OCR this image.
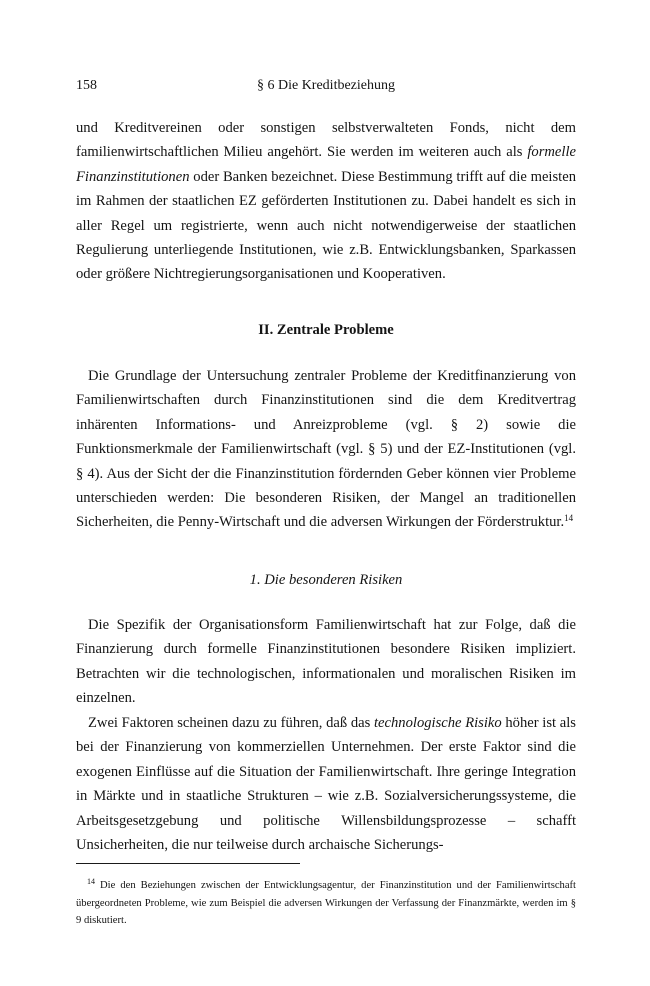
158	§ 6 Die Kreditbeziehung

und Kreditvereinen oder sonstigen selbstverwalteten Fonds, nicht dem familienwirtschaftlichen Milieu angehört. Sie werden im weiteren auch als formelle Finanzinstitutionen oder Banken bezeichnet. Diese Bestimmung trifft auf die meisten im Rahmen der staatlichen EZ geförderten Institutionen zu. Dabei handelt es sich in aller Regel um registrierte, wenn auch nicht notwendigerweise der staatlichen Regulierung unterliegende Institutionen, wie z.B. Entwicklungsbanken, Sparkassen oder größere Nichtregierungsorganisationen und Kooperativen.

II. Zentrale Probleme

Die Grundlage der Untersuchung zentraler Probleme der Kreditfinanzierung von Familienwirtschaften durch Finanzinstitutionen sind die dem Kreditvertrag inhärenten Informations- und Anreizprobleme (vgl. § 2) sowie die Funktionsmerkmale der Familienwirtschaft (vgl. § 5) und der EZ-Institutionen (vgl. § 4). Aus der Sicht der die Finanzinstitution fördernden Geber können vier Probleme unterschieden werden: Die besonderen Risiken, der Mangel an traditionellen Sicherheiten, die Penny-Wirtschaft und die adversen Wirkungen der Förderstruktur.$^{14}$

1. Die besonderen Risiken

Die Spezifik der Organisationsform Familienwirtschaft hat zur Folge, daß die Finanzierung durch formelle Finanzinstitutionen besondere Risiken impliziert. Betrachten wir die technologischen, informationalen und moralischen Risiken im einzelnen.

Zwei Faktoren scheinen dazu zu führen, daß das technologische Risiko höher ist als bei der Finanzierung von kommerziellen Unternehmen. Der erste Faktor sind die exogenen Einflüsse auf die Situation der Familienwirtschaft. Ihre geringe Integration in Märkte und in staatliche Strukturen – wie z.B. Sozialversicherungssysteme, die Arbeitsgesetzgebung und politische Willensbildungsprozesse – schafft Unsicherheiten, die nur teilweise durch archaische Sicherungs-

$^{14}$ Die den Beziehungen zwischen der Entwicklungsagentur, der Finanzinstitution und der Familienwirtschaft übergeordneten Probleme, wie zum Beispiel die adversen Wirkungen der Verfassung der Finanzmärkte, werden im § 9 diskutiert.
